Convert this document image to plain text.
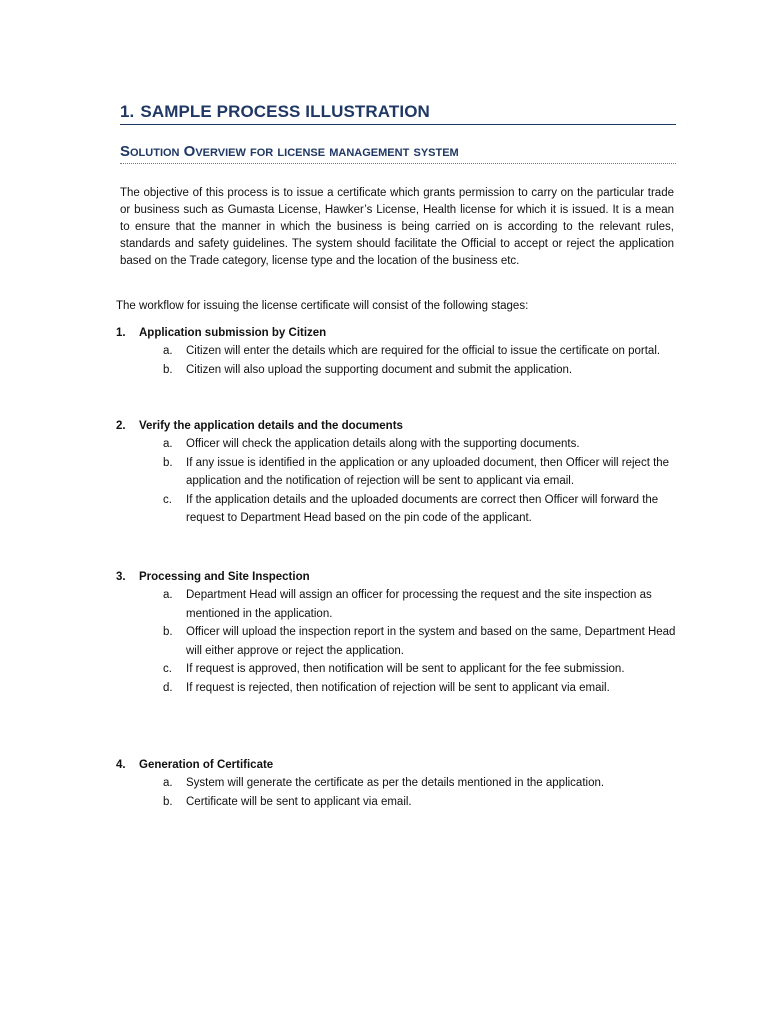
1. SAMPLE PROCESS ILLUSTRATION
Solution Overview for license management system
The objective of this process is to issue a certificate which grants permission to carry on the particular trade or business such as Gumasta License, Hawker’s License, Health license for which it is issued. It is a mean to ensure that the manner in which the business is being carried on is according to the relevant rules, standards and safety guidelines. The system should facilitate the Official to accept or reject the application based on the Trade category, license type and the location of the business etc.
The workflow for issuing the license certificate will consist of the following stages:
1. Application submission by Citizen
a. Citizen will enter the details which are required for the official to issue the certificate on portal.
b. Citizen will also upload the supporting document and submit the application.
2. Verify the application details and the documents
a. Officer will check the application details along with the supporting documents.
b. If any issue is identified in the application or any uploaded document, then Officer will reject the application and the notification of rejection will be sent to applicant via email.
c. If the application details and the uploaded documents are correct then Officer will forward the request to Department Head based on the pin code of the applicant.
3. Processing and Site Inspection
a. Department Head will assign an officer for processing the request and the site inspection as mentioned in the application.
b. Officer will upload the inspection report in the system and based on the same, Department Head will either approve or reject the application.
c. If request is approved, then notification will be sent to applicant for the fee submission.
d. If request is rejected, then notification of rejection will be sent to applicant via email.
4. Generation of Certificate
a. System will generate the certificate as per the details mentioned in the application.
b. Certificate will be sent to applicant via email.
